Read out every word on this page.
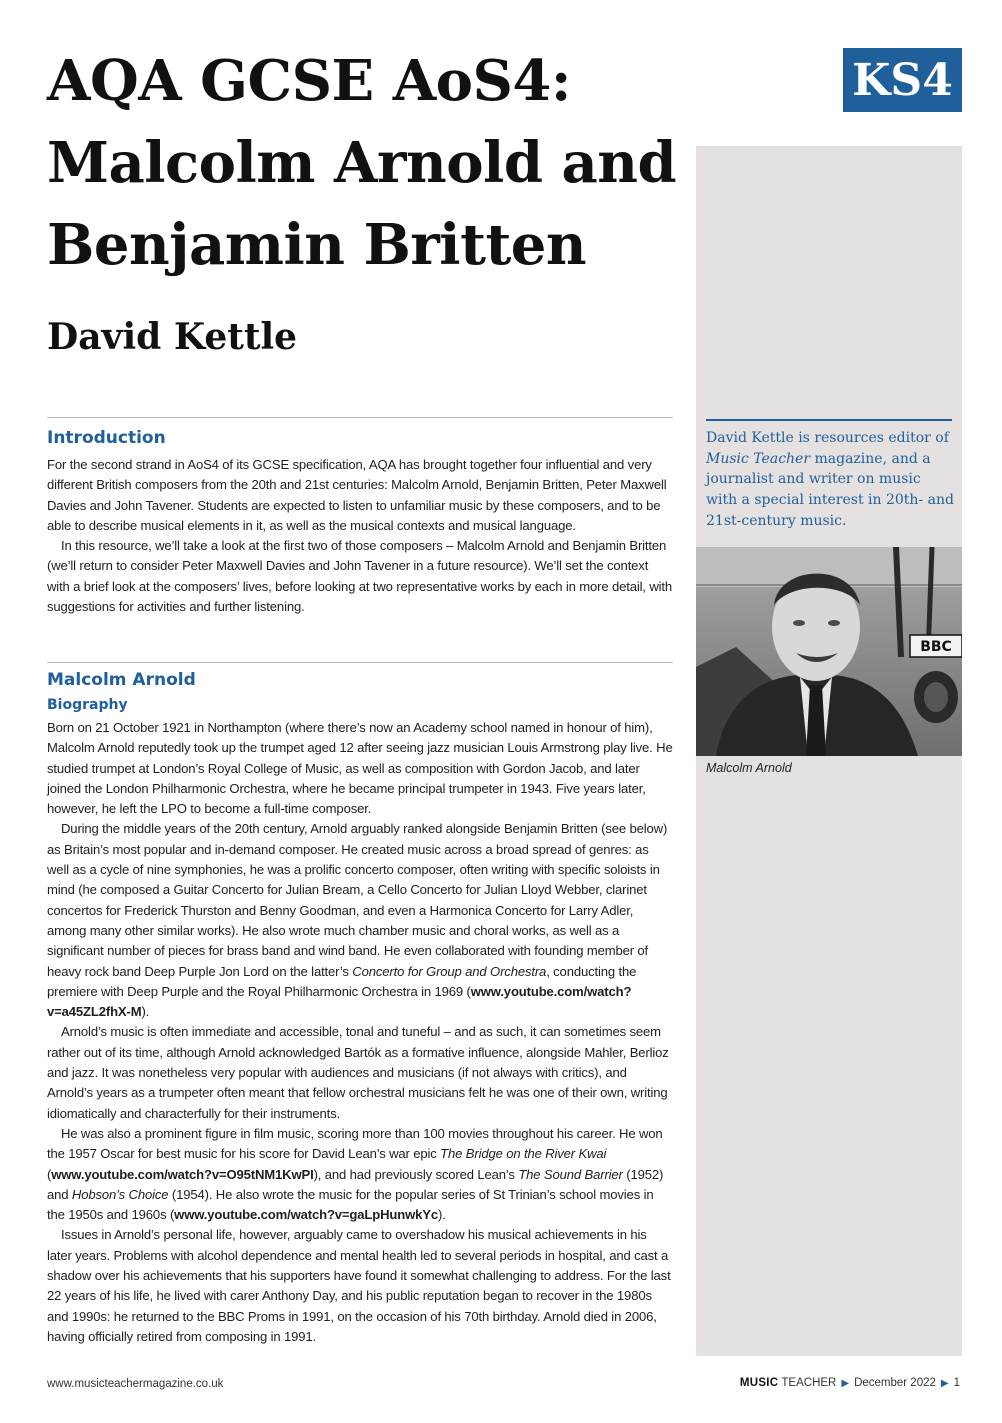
AQA GCSE AoS4:
Malcolm Arnold and
Benjamin Britten
David Kettle
KS4

David Kettle is resources editor of Music Teacher magazine, and a journalist and writer on music with a special interest in 20th- and 21st-century music.

BBC

Malcolm Arnold

Introduction

For the second strand in AoS4 of its GCSE specification, AQA has brought together four influential and very different British composers from the 20th and 21st centuries: Malcolm Arnold, Benjamin Britten, Peter Maxwell Davies and John Tavener. Students are expected to listen to unfamiliar music by these composers, and to be able to describe musical elements in it, as well as the musical contexts and musical language.

In this resource, we’ll take a look at the first two of those composers – Malcolm Arnold and Benjamin Britten (we’ll return to consider Peter Maxwell Davies and John Tavener in a future resource). We’ll set the context with a brief look at the composers’ lives, before looking at two representative works by each in more detail, with suggestions for activities and further listening.

Malcolm Arnold
Biography

Born on 21 October 1921 in Northampton (where there’s now an Academy school named in honour of him), Malcolm Arnold reputedly took up the trumpet aged 12 after seeing jazz musician Louis Armstrong play live. He studied trumpet at London’s Royal College of Music, as well as composition with Gordon Jacob, and later joined the London Philharmonic Orchestra, where he became principal trumpeter in 1943. Five years later, however, he left the LPO to become a full-time composer.

During the middle years of the 20th century, Arnold arguably ranked alongside Benjamin Britten (see below) as Britain’s most popular and in-demand composer. He created music across a broad spread of genres: as well as a cycle of nine symphonies, he was a prolific concerto composer, often writing with specific soloists in mind (he composed a Guitar Concerto for Julian Bream, a Cello Concerto for Julian Lloyd Webber, clarinet concertos for Frederick Thurston and Benny Goodman, and even a Harmonica Concerto for Larry Adler, among many other similar works). He also wrote much chamber music and choral works, as well as a significant number of pieces for brass band and wind band. He even collaborated with founding member of heavy rock band Deep Purple Jon Lord on the latter’s Concerto for Group and Orchestra, conducting the premiere with Deep Purple and the Royal Philharmonic Orchestra in 1969 (www.youtube.com/watch?v=a45ZL2fhX-M).

Arnold’s music is often immediate and accessible, tonal and tuneful – and as such, it can sometimes seem rather out of its time, although Arnold acknowledged Bartók as a formative influence, alongside Mahler, Berlioz and jazz. It was nonetheless very popular with audiences and musicians (if not always with critics), and Arnold’s years as a trumpeter often meant that fellow orchestral musicians felt he was one of their own, writing idiomatically and characterfully for their instruments.

He was also a prominent figure in film music, scoring more than 100 movies throughout his career. He won the 1957 Oscar for best music for his score for David Lean’s war epic The Bridge on the River Kwai (www.youtube.com/watch?v=O95tNM1KwPI), and had previously scored Lean’s The Sound Barrier (1952) and Hobson’s Choice (1954). He also wrote the music for the popular series of St Trinian’s school movies in the 1950s and 1960s (www.youtube.com/watch?v=gaLpHunwkYc).

Issues in Arnold’s personal life, however, arguably came to overshadow his musical achievements in his later years. Problems with alcohol dependence and mental health led to several periods in hospital, and cast a shadow over his achievements that his supporters have found it somewhat challenging to address. For the last 22 years of his life, he lived with carer Anthony Day, and his public reputation began to recover in the 1980s and 1990s: he returned to the BBC Proms in 1991, on the occasion of his 70th birthday. Arnold died in 2006, having officially retired from composing in 1991.

www.musicteachermagazine.co.uk	MUSIC TEACHER ▶ December 2022 ▶ 1
